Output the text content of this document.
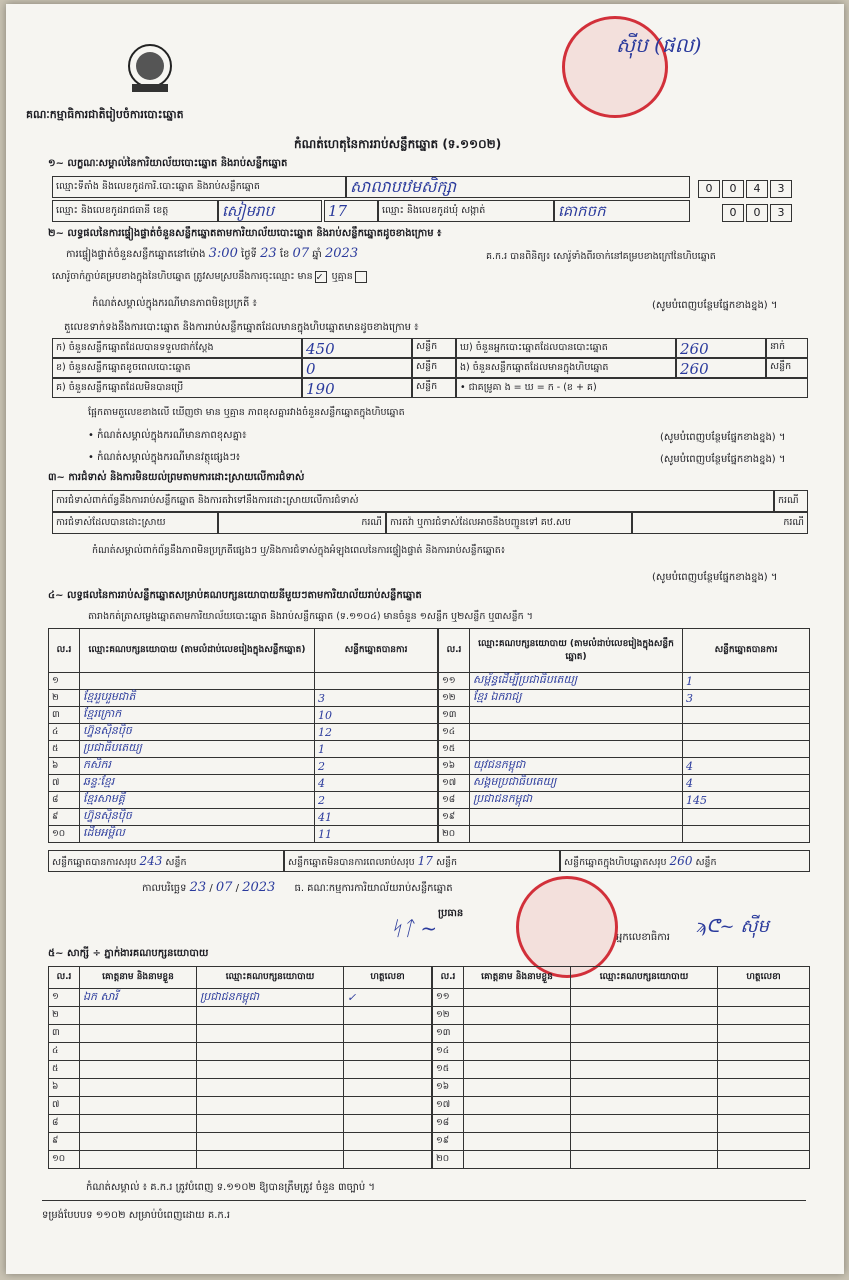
គណៈកម្មាធិការជាតិរៀបចំការបោះឆ្នោត
កំណត់ហេតុនៃការរាប់សន្លឹកឆ្នោត (ទ.១១០២)
ស៊ីប (ផល)
១~ លក្ខណៈសម្គាល់នៃការិយាល័យបោះឆ្នោត និងរាប់សន្លឹកឆ្នោត
ឈ្មោះទីតាំង និងលេខកូដការិ.បោះឆ្នោត និងរាប់សន្លឹកឆ្នោត	សាលាបឋមសិក្សា	0	0	4	3
ឈ្មោះ និងលេខកូដរាជធានី ខេត្ត	សៀមរាប	17	ឈ្មោះ និងលេខកូដឃុំ សង្កាត់	គោកចក	0	0	3
២~ លទ្ធផលនៃការផ្ទៀងផ្ទាត់ចំនួនសន្លឹកឆ្នោតតាមការិយាល័យបោះឆ្នោត និងរាប់សន្លឹកឆ្នោតដូចខាងក្រោម ៖
ការផ្ទៀងផ្ទាត់ចំនួនសន្លឹកឆ្នោតនៅម៉ោង 3:00 ថ្ងៃទី 23 ខែ 07 ឆ្នាំ 2023	គ.ក.រ បានពិនិត្យ៖ សោរ៉ូទាំងពីរចាក់នៅគម្របខាងក្រៅនៃហិបឆ្នោត
សោរ៉ូចាក់ភ្ជាប់គម្របខាងក្នុងនៃហិបឆ្នោត ត្រូវសមស្របនឹងការចុះឈ្មោះ មាន ✓ ឬគ្មាន
កំណត់សម្គាល់ក្នុងករណីមានភាពមិនប្រក្រតី ៖	(សូមបំពេញបន្ថែមផ្នែកខាងខ្នង) ។
តួលេខទាក់ទងនឹងការបោះឆ្នោត និងការរាប់សន្លឹកឆ្នោតដែលមានក្នុងហិបឆ្នោតមានដូចខាងក្រោម ៖
ក) ចំនួនសន្លឹកឆ្នោតដែលបានទទួលជាក់ស្តែង	450	សន្លឹក
ខ) ចំនួនសន្លឹកឆ្នោតខូចពេលបោះឆ្នោត	0	សន្លឹក
គ) ចំនួនសន្លឹកឆ្នោតដែលមិនបានប្រើ	190	សន្លឹក
ឃ) ចំនួនអ្នកបោះឆ្នោតដែលបានបោះឆ្នោត	260	នាក់
ង) ចំនួនសន្លឹកឆ្នោតដែលមានក្នុងហិបឆ្នោត	260	សន្លឹក
• ជាគម្រូគា ង = ឃ = ក - (ខ + គ)
ផ្អែកតាមតួលេខខាងលើ ឃើញថា មាន ឬគ្មាន ភាពខុសគ្នារវាងចំនួនសន្លឹកឆ្នោតក្នុងហិបឆ្នោត
• កំណត់សម្គាល់ក្នុងករណីមានភាពខុសគ្នា៖	(សូមបំពេញបន្ថែមផ្នែកខាងខ្នង) ។
• កំណត់សម្គាល់ក្នុងករណីមានវត្ថុផ្សេងៗ៖	(សូមបំពេញបន្ថែមផ្នែកខាងខ្នង) ។
៣~ ការជំទាស់ និងការមិនយល់ព្រមតាមការដោះស្រាយលើការជំទាស់
ការជំទាស់ពាក់ព័ន្ធនឹងការរាប់សន្លឹកឆ្នោត និងការតវ៉ាទៅនឹងការដោះស្រាយលើការជំទាស់	ករណី
ការជំទាស់ដែលបានដោះស្រាយ	ករណី ការតវ៉ា ឬការជំទាស់ដែលអាចនឹងបញ្ជូនទៅ គឋ.សប	ករណី
កំណត់សម្គាល់ពាក់ព័ន្ធនឹងភាពមិនប្រក្រតីផ្សេងៗ ឬ/និងការជំទាស់ក្នុងអំឡុងពេលនៃការផ្ទៀងផ្ទាត់ និងការរាប់សន្លឹកឆ្នោត៖
(សូមបំពេញបន្ថែមផ្នែកខាងខ្នង) ។
៤~ លទ្ធផលនៃការរាប់សន្លឹកឆ្នោតសម្រាប់គណបក្សនយោបាយនីមួយៗតាមការិយាល័យរាប់សន្លឹកឆ្នោត
តារាងកត់ត្រាសម្លេងឆ្នោតតាមការិយាល័យបោះឆ្នោត និងរាប់សន្លឹកឆ្នោត (ទ.១១០៤) មានចំនួន ១សន្លឹក ឬ២សន្លឹក ឬ៣សន្លឹក ។
ល.រ	ឈ្មោះគណបក្សនយោបាយ (តាមលំដាប់លេខរៀងក្នុងសន្លឹកឆ្នោត)	សន្លឹកឆ្នោតបានការ
១		
២	ខ្មែររួបរួមជាតិ	3
៣	ខ្មែរក្រោក	10
៤	ហ្វ៊ុនស៊ិនប៉ិច	12
៥	ប្រជាធិបតេយ្យ	1
៦	កសិករ	2
៧	ឆន្ទៈខ្មែរ	4
៨	ខ្មែរសាមគ្គី	2
៩	ហ្វ៊ុនស៊ិនប៉ិច	41
១០	ដើមអម្ពិល	11
ល.រ	ឈ្មោះគណបក្សនយោបាយ (តាមលំដាប់លេខរៀងក្នុងសន្លឹកឆ្នោត)	សន្លឹកឆ្នោតបានការ
១១	សម្ព័ន្ធដើម្បីប្រជាធិបតេយ្យ	1
១២	ខ្មែរ ឯករាជ្យ	3
១៣		
១៤		
១៥		
១៦	យុវជនកម្ពុជា	4
១៧	សង្គមប្រជាធិបតេយ្យ	4
១៨	ប្រជាជនកម្ពុជា	145
១៩		
២០		
សន្លឹកឆ្នោតបានការសរុប 243 សន្លឹក	សន្លឹកឆ្នោតមិនបានការពេលរាប់សរុប 17 សន្លឹក	សន្លឹកឆ្នោតក្នុងហិបឆ្នោតសរុប 260 សន្លឹក
កាលបរិច្ឆេទ 23 / 07 / 2023 ធ. គណៈកម្មការការិយាល័យរាប់សន្លឹកឆ្នោត
ប្រធាន
ᛋᛏ ~	អ្នកលេខាធិការ
ϡᕦ~ ស៊ីម
៥~ សាក្សី ÷ ភ្នាក់ងារគណបក្សនយោបាយ
ល.រ	គោត្តនាម និងនាមខ្លួន	ឈ្មោះគណបក្សនយោបាយ	ហត្ថលេខា
១	ឯក សារី	ប្រជាជនកម្ពុជា	✓
២			
៣			
៤			
៥			
៦			
៧			
៨			
៩			
១០			
ល.រ	គោត្តនាម និងនាមខ្លួន	ឈ្មោះគណបក្សនយោបាយ	ហត្ថលេខា
១១			
១២			
១៣			
១៤			
១៥			
១៦			
១៧			
១៨			
១៩			
២០			
កំណត់សម្គាល់ ៖ គ.ក.រ ត្រូវបំពេញ ទ.១១០២ ឱ្យបានត្រឹមត្រូវ ចំនួន ៣ច្បាប់ ។
ទម្រង់បែបបទ ១១០២ សម្រាប់បំពេញដោយ គ.ក.រ
